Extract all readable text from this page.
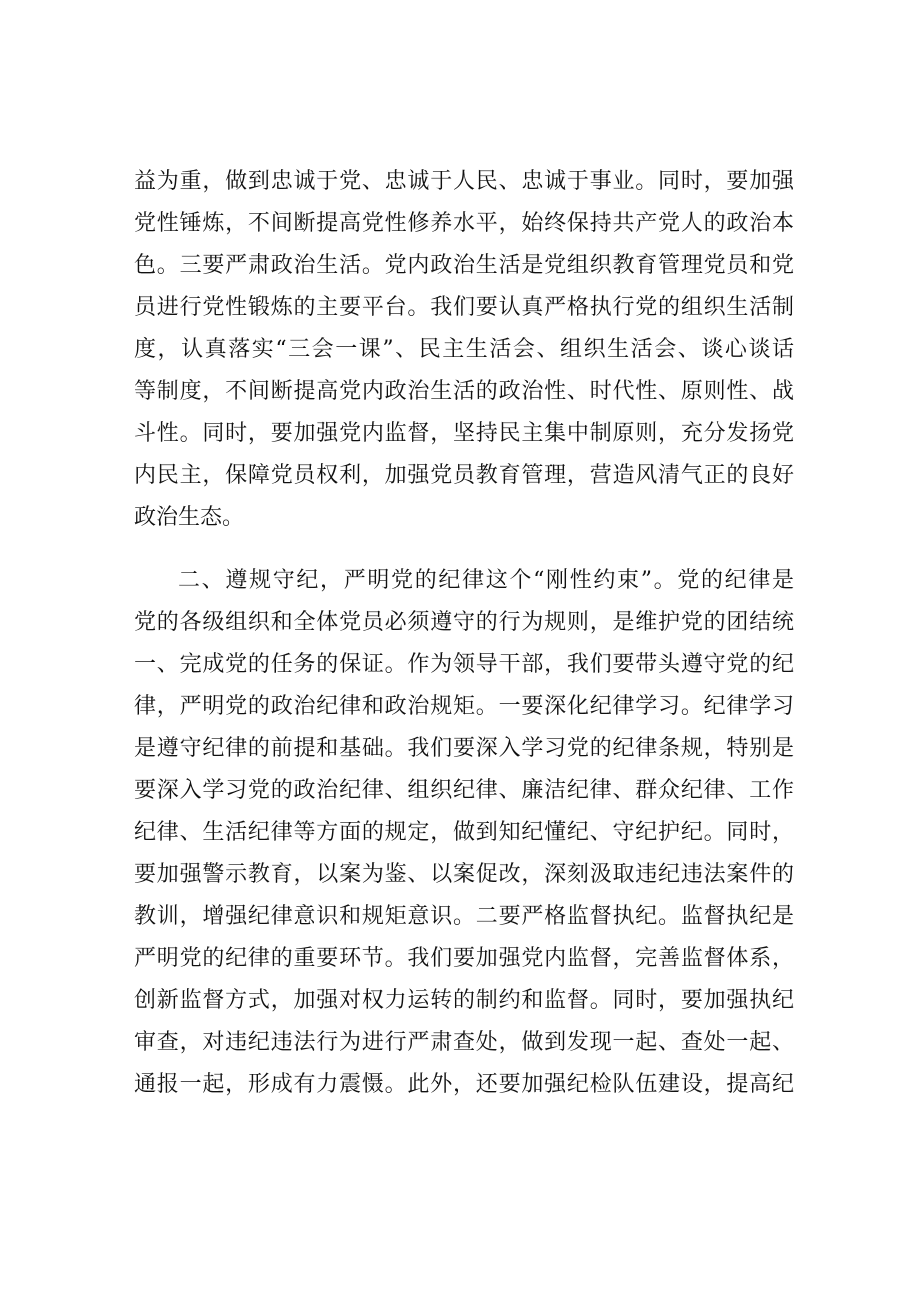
益为重，做到忠诚于党、忠诚于人民、忠诚于事业。同时，要加强
党性锤炼，不间断提高党性修养水平，始终保持共产党人的政治本
色。三要严肃政治生活。党内政治生活是党组织教育管理党员和党
员进行党性锻炼的主要平台。我们要认真严格执行党的组织生活制
度，认真落实“三会一课”、民主生活会、组织生活会、谈心谈话
等制度，不间断提高党内政治生活的政治性、时代性、原则性、战
斗性。同时，要加强党内监督，坚持民主集中制原则，充分发扬党
内民主，保障党员权利，加强党员教育管理，营造风清气正的良好
政治生态。
二、遵规守纪，严明党的纪律这个“刚性约束”。党的纪律是
党的各级组织和全体党员必须遵守的行为规则，是维护党的团结统
一、完成党的任务的保证。作为领导干部，我们要带头遵守党的纪
律，严明党的政治纪律和政治规矩。一要深化纪律学习。纪律学习
是遵守纪律的前提和基础。我们要深入学习党的纪律条规，特别是
要深入学习党的政治纪律、组织纪律、廉洁纪律、群众纪律、工作
纪律、生活纪律等方面的规定，做到知纪懂纪、守纪护纪。同时，
要加强警示教育，以案为鉴、以案促改，深刻汲取违纪违法案件的
教训，增强纪律意识和规矩意识。二要严格监督执纪。监督执纪是
严明党的纪律的重要环节。我们要加强党内监督，完善监督体系，
创新监督方式，加强对权力运转的制约和监督。同时，要加强执纪
审查，对违纪违法行为进行严肃查处，做到发现一起、查处一起、
通报一起，形成有力震慑。此外，还要加强纪检队伍建设，提高纪
